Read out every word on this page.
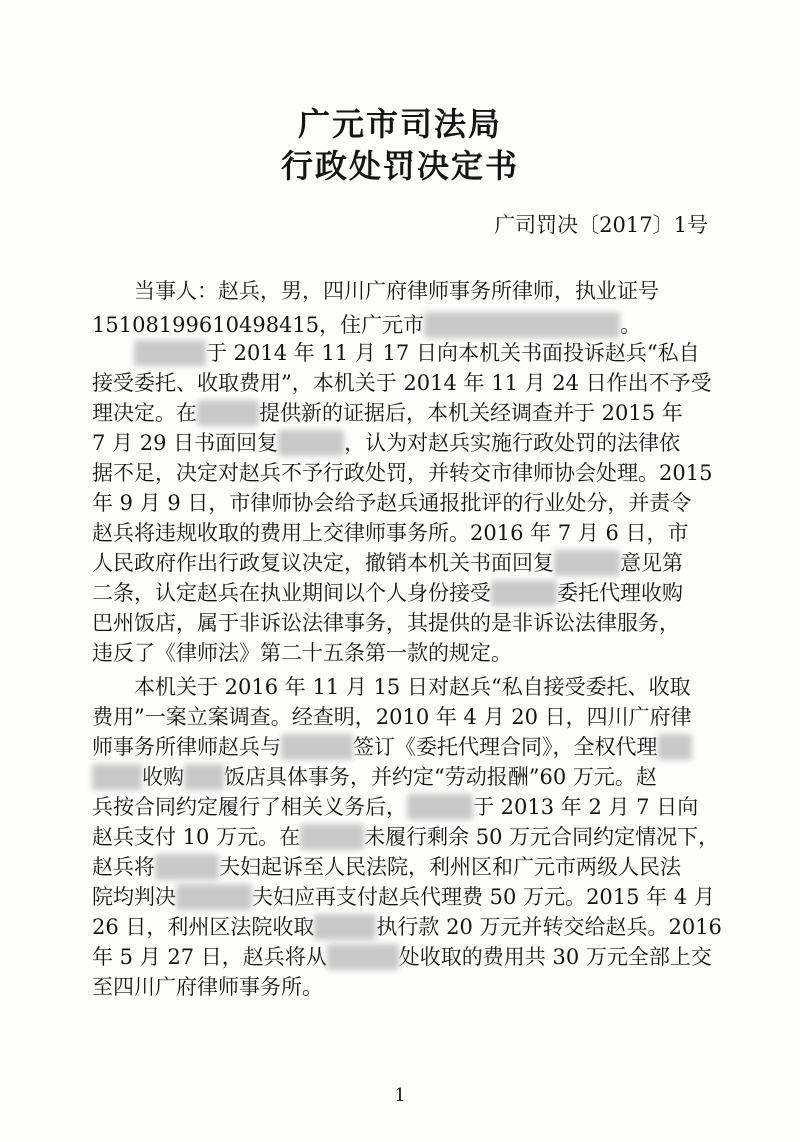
广元市司法局
行政处罚决定书

广司罚决〔2017〕1号

当事人：赵兵，男，四川广府律师事务所律师，执业证号

15108199610498415，住广元市	。

于 2014 年 11 月 17 日向本机关书面投诉赵兵“私自

接受委托、收取费用”，本机关于 2014 年 11 月 24 日作出不予受

理决定。在	提供新的证据后，本机关经调查并于 2015 年

7 月 29 日书面回复	，认为对赵兵实施行政处罚的法律依

据不足，决定对赵兵不予行政处罚，并转交市律师协会处理。2015

年 9 月 9 日，市律师协会给予赵兵通报批评的行业处分，并责令

赵兵将违规收取的费用上交律师事务所。2016 年 7 月 6 日，市

人民政府作出行政复议决定，撤销本机关书面回复	意见第

二条，认定赵兵在执业期间以个人身份接受	委托代理收购

巴州饭店，属于非诉讼法律事务，其提供的是非诉讼法律服务，

违反了《律师法》第二十五条第一款的规定。

本机关于 2016 年 11 月 15 日对赵兵“私自接受委托、收取

费用”一案立案调查。经查明，2010 年 4 月 20 日，四川广府律

师事务所律师赵兵与	签订《委托代理合同》，全权代理

收购 饭店具体事务，并约定“劳动报酬”60 万元。赵

兵按合同约定履行了相关义务后，	于 2013 年 2 月 7 日向

赵兵支付 10 万元。在	未履行剩余 50 万元合同约定情况下，

赵兵将	夫妇起诉至人民法院，利州区和广元市两级人民法

院均判决	夫妇应再支付赵兵代理费 50 万元。2015 年 4 月

26 日，利州区法院收取	执行款 20 万元并转交给赵兵。2016

年 5 月 27 日，赵兵将从	处收取的费用共 30 万元全部上交

至四川广府律师事务所。

1
